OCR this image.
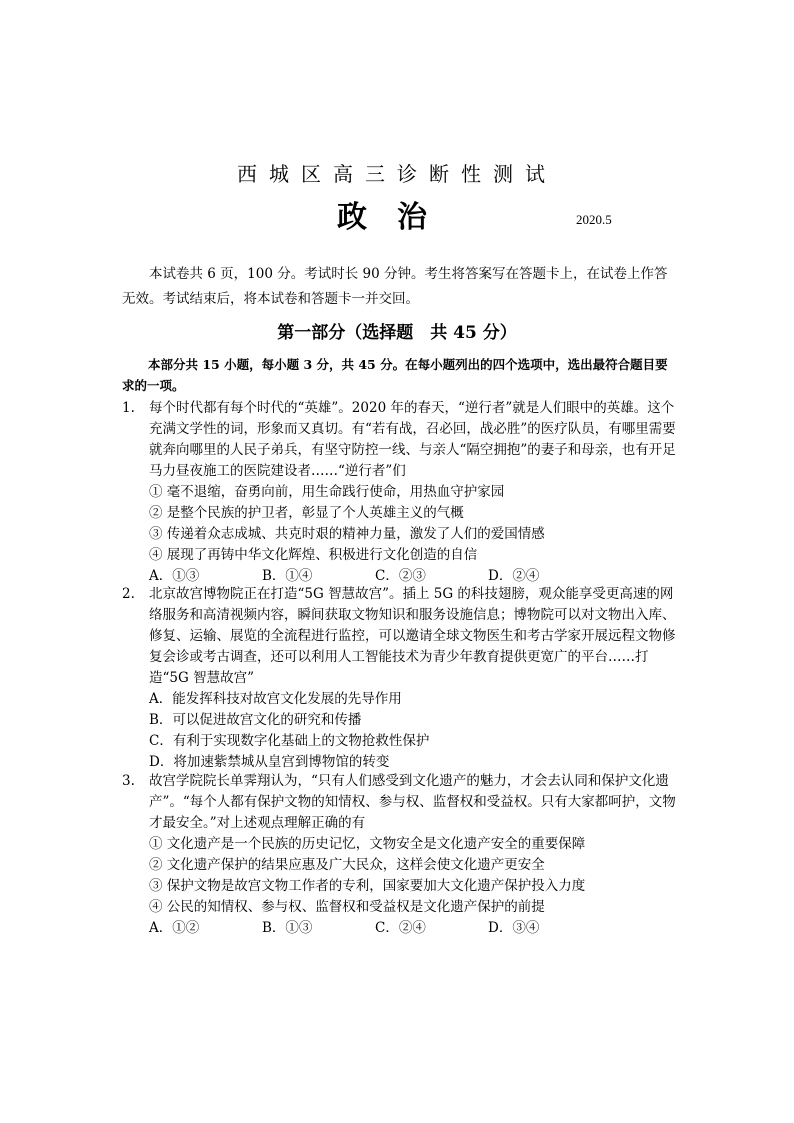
西城区高三诊断性测试
政治	2020.5

本试卷共 6 页，100 分。考试时长 90 分钟。考生将答案写在答题卡上，在试卷上作答无效。考试结束后，将本试卷和答题卡一并交回。

第一部分（选择题　共 45 分）

本部分共 15 小题，每小题 3 分，共 45 分。在每小题列出的四个选项中，选出最符合题目要求的一项。

1.	每个时代都有每个时代的“英雄”。2020 年的春天，“逆行者”就是人们眼中的英雄。这个充满文学性的词，形象而又真切。有“若有战，召必回，战必胜”的医疗队员，有哪里需要就奔向哪里的人民子弟兵，有坚守防控一线、与亲人“隔空拥抱”的妻子和母亲，也有开足马力昼夜施工的医院建设者……“逆行者”们

① 毫不退缩，奋勇向前，用生命践行使命，用热血守护家园
② 是整个民族的护卫者，彰显了个人英雄主义的气概
③ 传递着众志成城、共克时艰的精神力量，激发了人们的爱国情感
④ 展现了再铸中华文化辉煌、积极进行文化创造的自信
A．①③	B．①④	C．②③	D．②④
2.	北京故宫博物院正在打造“5G 智慧故宫”。插上 5G 的科技翅膀，观众能享受更高速的网络服务和高清视频内容，瞬间获取文物知识和服务设施信息；博物院可以对文物出入库、修复、运输、展览的全流程进行监控，可以邀请全球文物医生和考古学家开展远程文物修复会诊或考古调查，还可以利用人工智能技术为青少年教育提供更宽广的平台……打造“5G 智慧故宫”

A．能发挥科技对故宫文化发展的先导作用
B．可以促进故宫文化的研究和传播
C．有利于实现数字化基础上的文物抢救性保护
D．将加速紫禁城从皇宫到博物馆的转变
3.	故宫学院院长单霁翔认为，“只有人们感受到文化遗产的魅力，才会去认同和保护文化遗产”。“每个人都有保护文物的知情权、参与权、监督权和受益权。只有大家都呵护，文物才最安全。”对上述观点理解正确的有

① 文化遗产是一个民族的历史记忆，文物安全是文化遗产安全的重要保障
② 文化遗产保护的结果应惠及广大民众，这样会使文化遗产更安全
③ 保护文物是故宫文物工作者的专利，国家要加大文化遗产保护投入力度
④ 公民的知情权、参与权、监督权和受益权是文化遗产保护的前提
A．①②	B．①③	C．②④	D．③④
